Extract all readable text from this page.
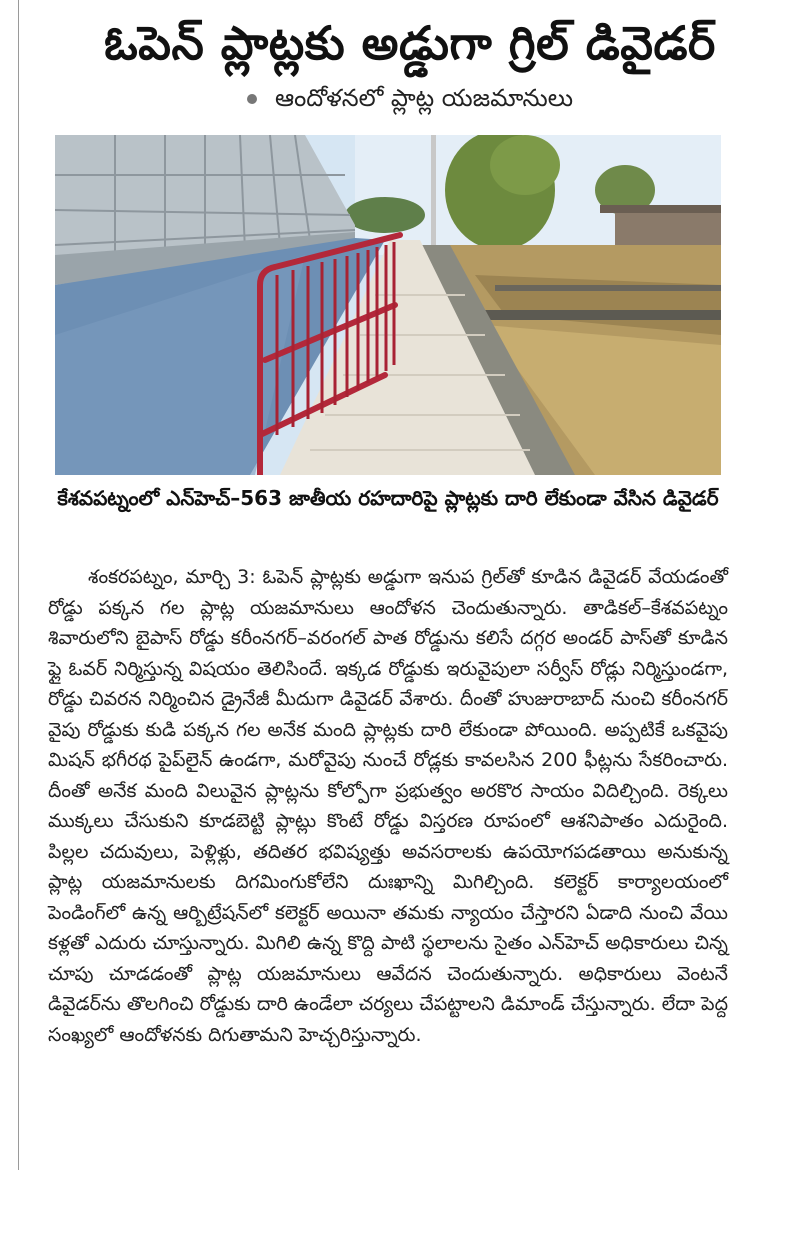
ఓపెన్ ప్లాట్లకు అడ్డుగా గ్రిల్ డివైడర్
ఆందోళనలో ప్లాట్ల యజమానులు
కేశవపట్నంలో ఎన్‌హెచ్–563 జాతీయ రహదారిపై ప్లాట్లకు దారి లేకుండా వేసిన డివైడర్
శంకరపట్నం, మార్చి 3: ఓపెన్ ప్లాట్లకు అడ్డుగా ఇనుప గ్రిల్‌తో కూడిన డివైడర్ వేయడంతో రోడ్డు పక్కన గల ప్లాట్ల యజమానులు ఆందోళన చెందుతున్నారు. తాడికల్–కేశవపట్నం శివారులోని బైపాస్ రోడ్డు కరీంనగర్–వరంగల్ పాత రోడ్డును కలిసే దగ్గర అండర్ పాస్‌తో కూడిన ఫ్లై ఓవర్ నిర్మిస్తున్న విషయం తెలిసిందే. ఇక్కడ రోడ్డుకు ఇరువైపులా సర్వీస్ రోడ్లు నిర్మిస్తుండగా, రోడ్డు చివరన నిర్మించిన డ్రైనేజీ మీదుగా డివైడర్ వేశారు. దీంతో హుజురాబాద్ నుంచి కరీంనగర్ వైపు రోడ్డుకు కుడి పక్కన గల అనేక మంది ప్లాట్లకు దారి లేకుండా పోయింది. అప్పటికే ఒకవైపు మిషన్ భగీరథ పైప్‌లైన్ ఉండగా, మరోవైపు నుంచే రోడ్లకు కావలసిన 200 ఫీట్లను సేకరించారు. దీంతో అనేక మంది విలువైన ప్లాట్లను కోల్పోగా ప్రభుత్వం అరకొర సాయం విదిల్చింది. రెక్కలు ముక్కలు చేసుకుని కూడబెట్టి ప్లాట్లు కొంటే రోడ్డు విస్తరణ రూపంలో ఆశనిపాతం ఎదురైంది. పిల్లల చదువులు, పెళ్లిళ్లు, తదితర భవిష్యత్తు అవసరాలకు ఉపయోగపడతాయి అనుకున్న ప్లాట్ల యజమానులకు దిగమింగుకోలేని దుఃఖాన్ని మిగిల్చింది. కలెక్టర్ కార్యాలయంలో పెండింగ్‌లో ఉన్న ఆర్బిట్రేషన్‌లో కలెక్టర్ అయినా తమకు న్యాయం చేస్తారని ఏడాది నుంచి వేయి కళ్లతో ఎదురు చూస్తున్నారు. మిగిలి ఉన్న కొద్ది పాటి స్థలాలను సైతం ఎన్‌హెచ్ అధికారులు చిన్న చూపు చూడడంతో ప్లాట్ల యజమానులు ఆవేదన చెందుతున్నారు. అధికారులు వెంటనే డివైడర్‌ను తొలగించి రోడ్డుకు దారి ఉండేలా చర్యలు చేపట్టాలని డిమాండ్ చేస్తున్నారు. లేదా పెద్ద సంఖ్యలో ఆందోళనకు దిగుతామని హెచ్చరిస్తున్నారు.
